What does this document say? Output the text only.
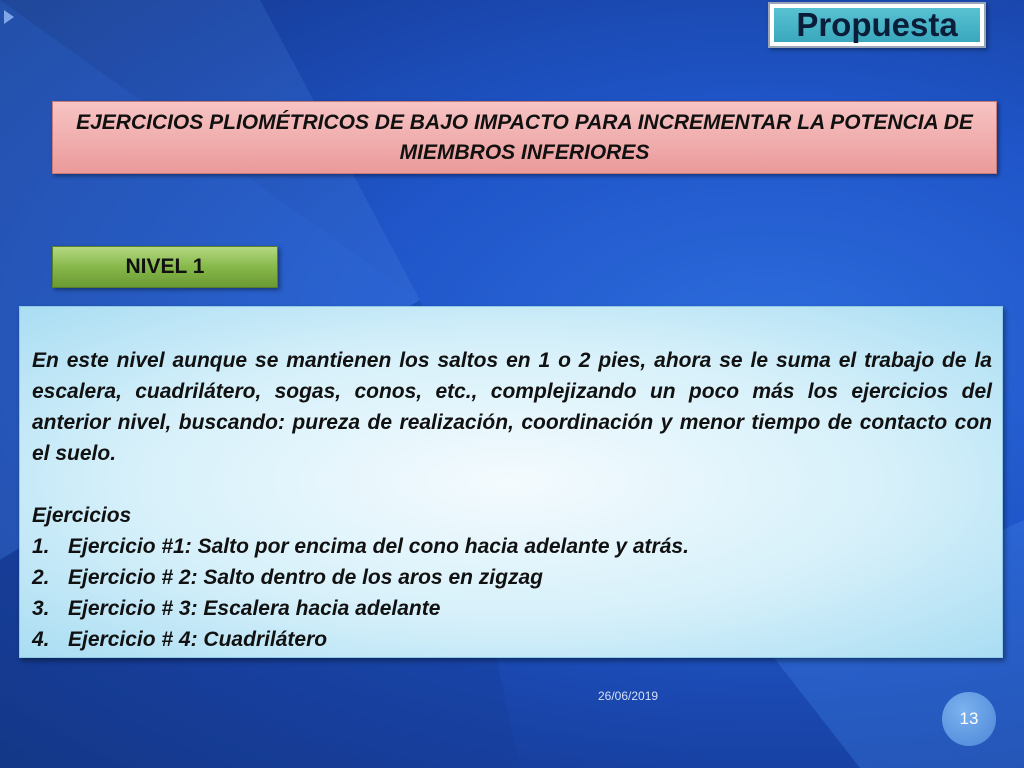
Propuesta
EJERCICIOS PLIOMÉTRICOS DE BAJO IMPACTO PARA INCREMENTAR LA POTENCIA DE MIEMBROS INFERIORES
NIVEL 1

En este nivel aunque se mantienen los saltos en 1 o 2 pies, ahora se le suma el trabajo de la escalera, cuadrilátero, sogas, conos, etc., complejizando un poco más los ejercicios del anterior nivel, buscando: pureza de realización, coordinación y menor tiempo de contacto con el suelo.

Ejercicios

1. Ejercicio #1: Salto por encima del cono hacia adelante y atrás.
2. Ejercicio # 2: Salto dentro de los aros en zigzag
3. Ejercicio # 3: Escalera hacia adelante
4. Ejercicio # 4: Cuadrilátero
26/06/2019
13
